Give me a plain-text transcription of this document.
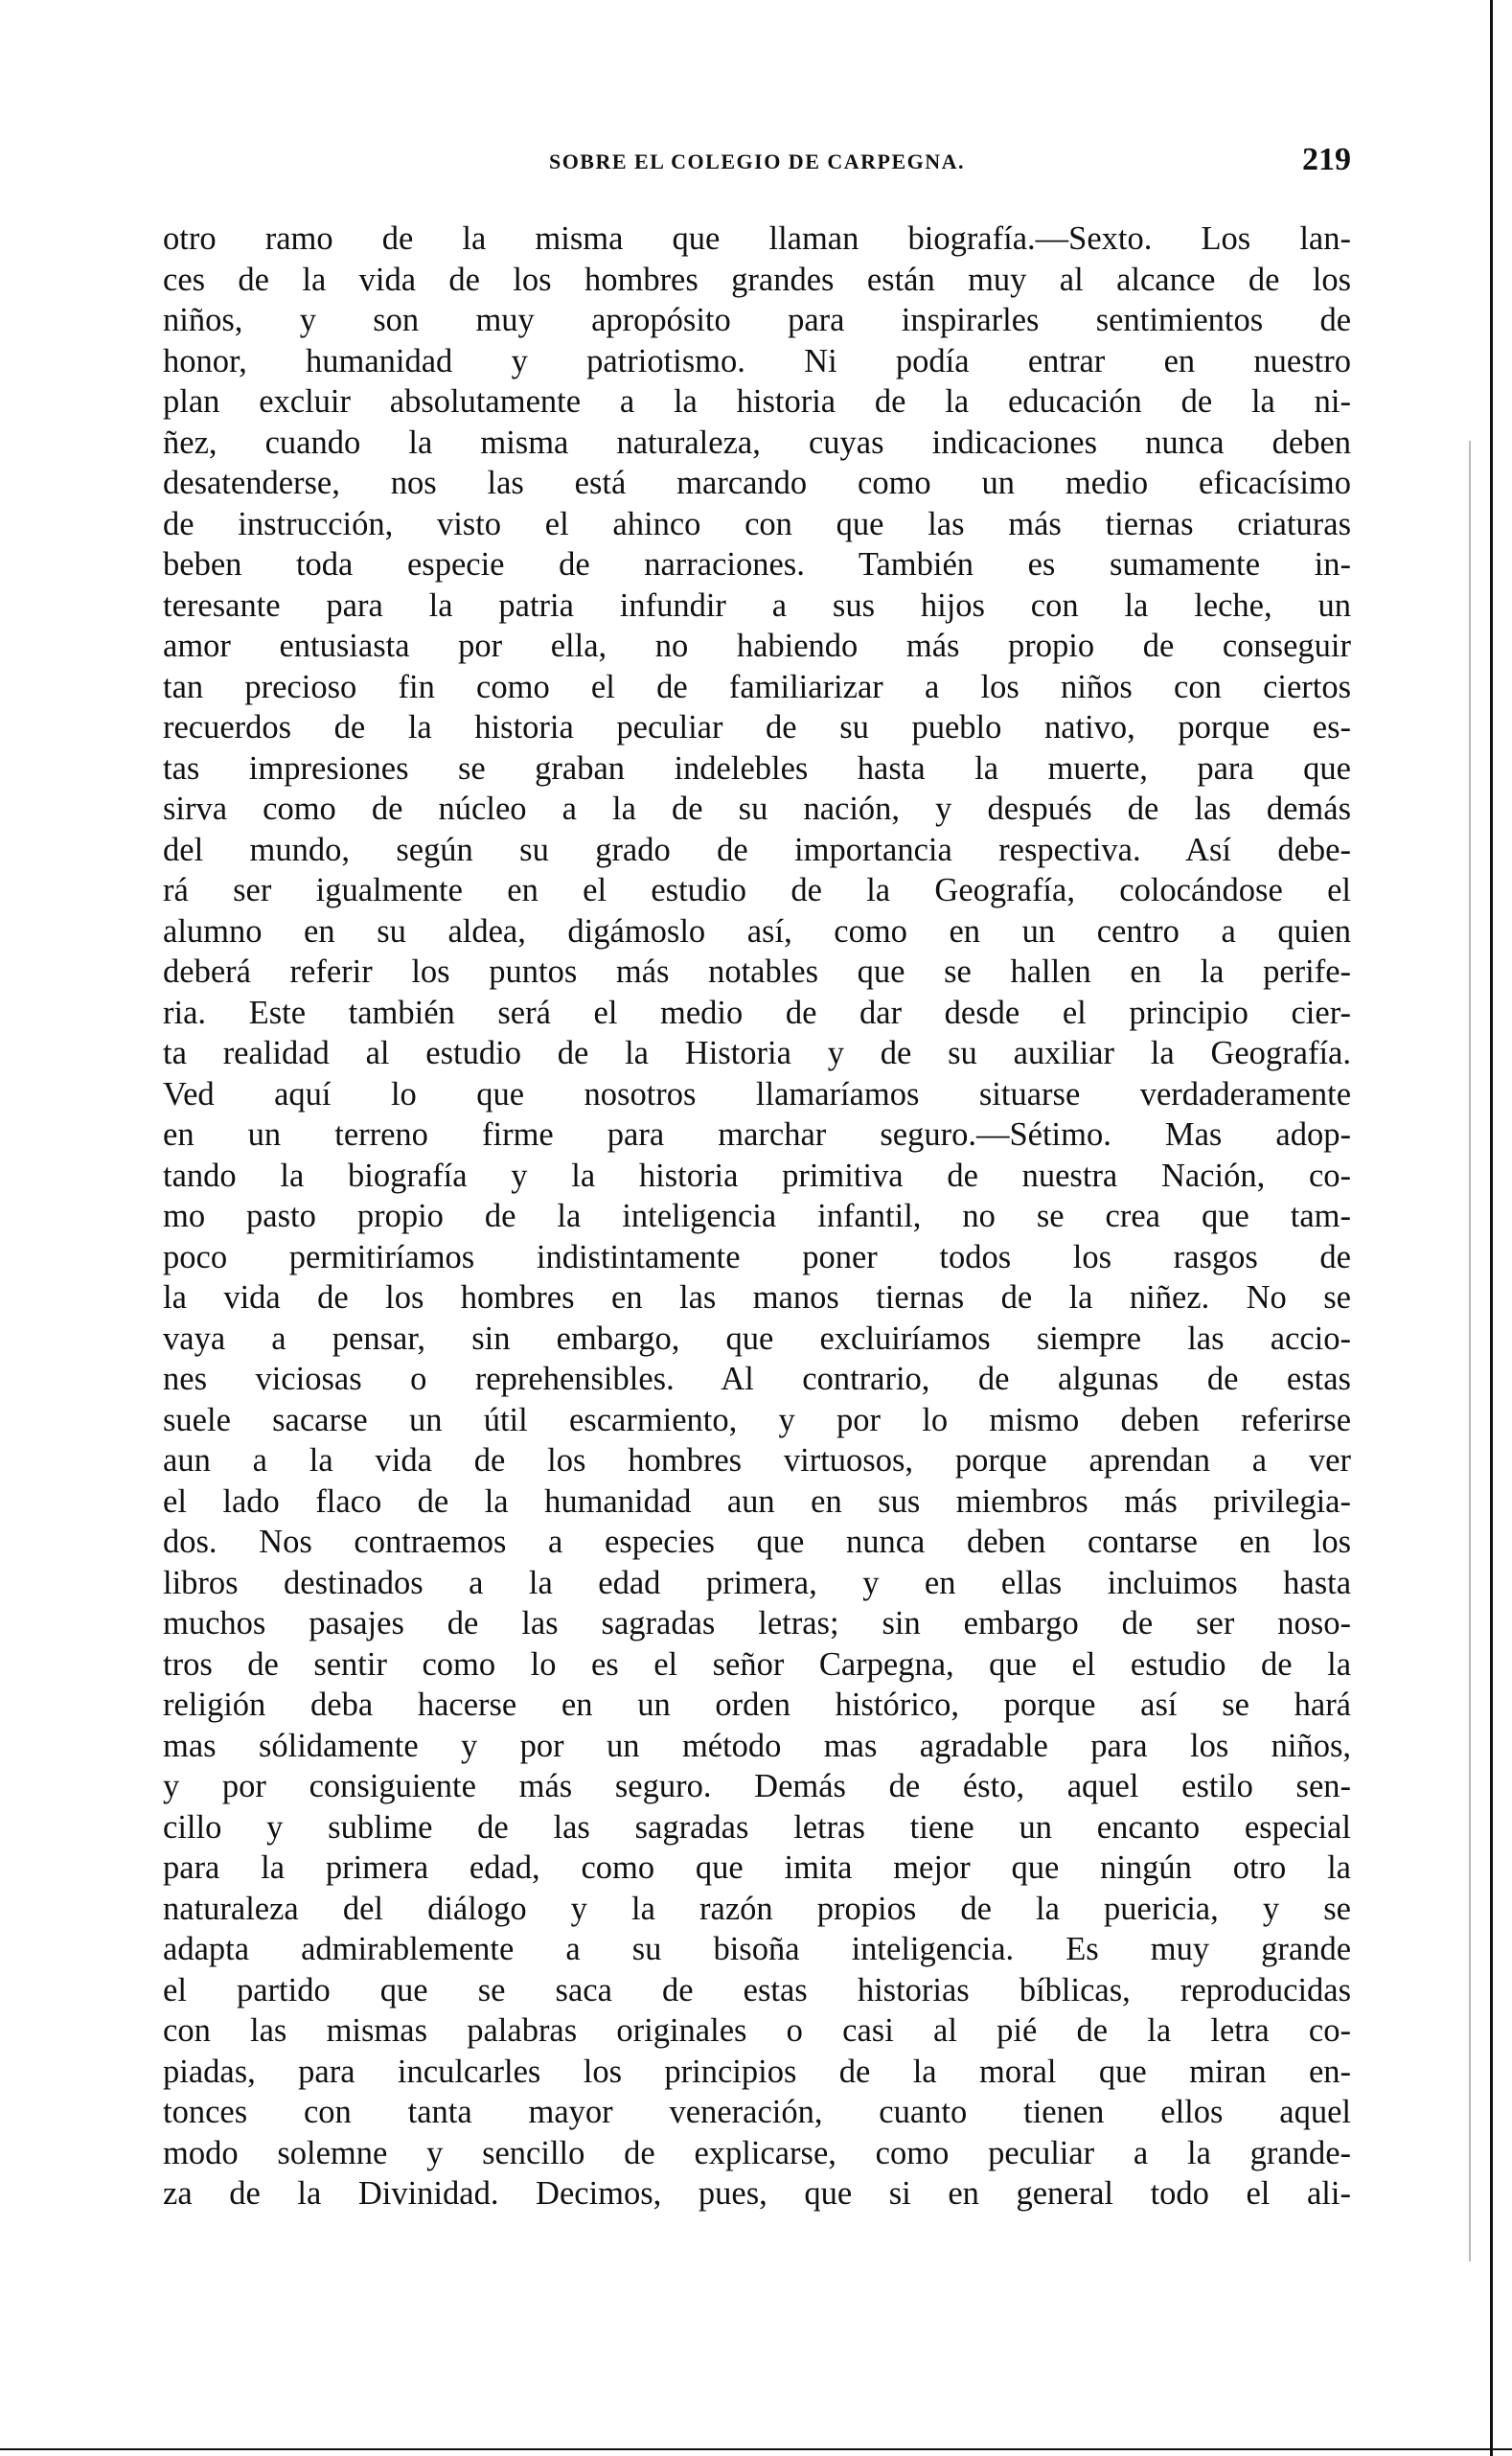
SOBRE EL COLEGIO DE CARPEGNA.	219
otro ramo de la misma que llaman biografía.—Sexto. Los lan-
ces de la vida de los hombres grandes están muy al alcance de los
niños, y son muy apropósito para inspirarles sentimientos de
honor, humanidad y patriotismo. Ni podía entrar en nuestro
plan excluir absolutamente a la historia de la educación de la ni-
ñez, cuando la misma naturaleza, cuyas indicaciones nunca deben
desatenderse, nos las está marcando como un medio eficacísimo
de instrucción, visto el ahinco con que las más tiernas criaturas
beben toda especie de narraciones. También es sumamente in-
teresante para la patria infundir a sus hijos con la leche, un
amor entusiasta por ella, no habiendo más propio de conseguir
tan precioso fin como el de familiarizar a los niños con ciertos
recuerdos de la historia peculiar de su pueblo nativo, porque es-
tas impresiones se graban indelebles hasta la muerte, para que
sirva como de núcleo a la de su nación, y después de las demás
del mundo, según su grado de importancia respectiva. Así debe-
rá ser igualmente en el estudio de la Geografía, colocándose el
alumno en su aldea, digámoslo así, como en un centro a quien
deberá referir los puntos más notables que se hallen en la perife-
ria. Este también será el medio de dar desde el principio cier-
ta realidad al estudio de la Historia y de su auxiliar la Geografía.
Ved aquí lo que nosotros llamaríamos situarse verdaderamente
en un terreno firme para marchar seguro.—Sétimo. Mas adop-
tando la biografía y la historia primitiva de nuestra Nación, co-
mo pasto propio de la inteligencia infantil, no se crea que tam-
poco permitiríamos indistintamente poner todos los rasgos de
la vida de los hombres en las manos tiernas de la niñez. No se
vaya a pensar, sin embargo, que excluiríamos siempre las accio-
nes viciosas o reprehensibles. Al contrario, de algunas de estas
suele sacarse un útil escarmiento, y por lo mismo deben referirse
aun a la vida de los hombres virtuosos, porque aprendan a ver
el lado flaco de la humanidad aun en sus miembros más privilegia-
dos. Nos contraemos a especies que nunca deben contarse en los
libros destinados a la edad primera, y en ellas incluimos hasta
muchos pasajes de las sagradas letras; sin embargo de ser noso-
tros de sentir como lo es el señor Carpegna, que el estudio de la
religión deba hacerse en un orden histórico, porque así se hará
mas sólidamente y por un método mas agradable para los niños,
y por consiguiente más seguro. Demás de ésto, aquel estilo sen-
cillo y sublime de las sagradas letras tiene un encanto especial
para la primera edad, como que imita mejor que ningún otro la
naturaleza del diálogo y la razón propios de la puericia, y se
adapta admirablemente a su bisoña inteligencia. Es muy grande
el partido que se saca de estas historias bíblicas, reproducidas
con las mismas palabras originales o casi al pié de la letra co-
piadas, para inculcarles los principios de la moral que miran en-
tonces con tanta mayor veneración, cuanto tienen ellos aquel
modo solemne y sencillo de explicarse, como peculiar a la grande-
za de la Divinidad. Decimos, pues, que si en general todo el ali-
